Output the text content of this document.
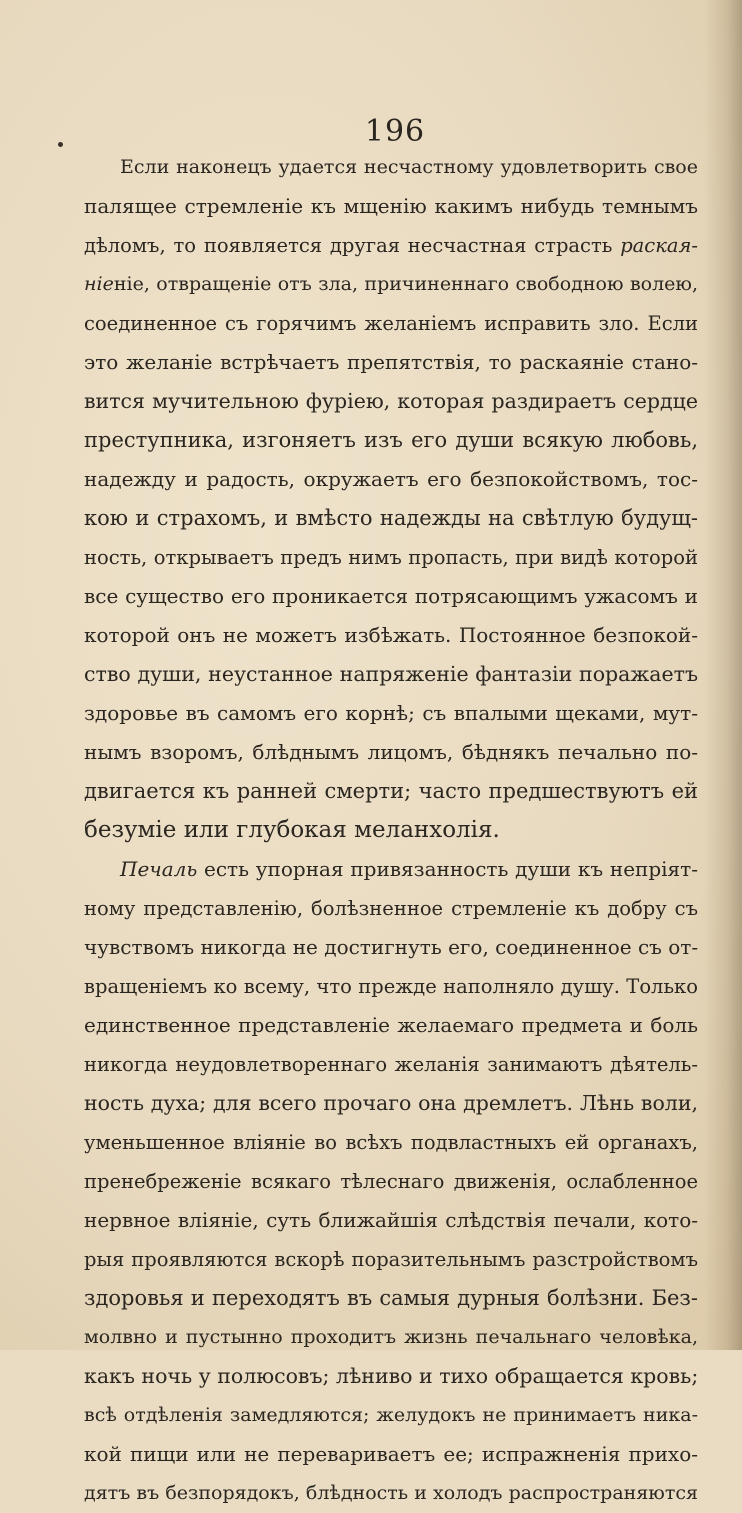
196
Если наконецъ удается несчастному удовлетворить свое
палящее стремленіе къ мщенію какимъ нибудь темнымъ
дѣломъ, то появляется другая несчастная страсть раская-
ніеніе, отвращеніе отъ зла, причиненнаго свободною волею,
соединенное съ горячимъ желаніемъ исправить зло. Если
это желаніе встрѣчаетъ препятствія, то раскаяніе стано-
вится мучительною фуріею, которая раздираетъ сердце
преступника, изгоняетъ изъ его души всякую любовь,
надежду и радость, окружаетъ его безпокойствомъ, тос-
кою и страхомъ, и вмѣсто надежды на свѣтлую будущ-
ность, открываетъ предъ нимъ пропасть, при видѣ которой
все существо его проникается потрясающимъ ужасомъ и
которой онъ не можетъ избѣжать. Постоянное безпокой-
ство души, неустанное напряженіе фантазіи поражаетъ
здоровье въ самомъ его корнѣ; съ впалыми щеками, мут-
нымъ взоромъ, блѣднымъ лицомъ, бѣднякъ печально по-
двигается къ ранней смерти; часто предшествуютъ ей
безуміе или глубокая меланхолія.
Печаль есть упорная привязанность души къ непріят-
ному представленію, болѣзненное стремленіе къ добру съ
чувствомъ никогда не достигнуть его, соединенное съ от-
вращеніемъ ко всему, что прежде наполняло душу. Только
единственное представленіе желаемаго предмета и боль
никогда неудовлетвореннаго желанія занимаютъ дѣятель-
ность духа; для всего прочаго она дремлетъ. Лѣнь воли,
уменьшенное вліяніе во всѣхъ подвластныхъ ей органахъ,
пренебреженіе всякаго тѣлеснаго движенія, ослабленное
нервное вліяніе, суть ближайшія слѣдствія печали, кото-
рыя проявляются вскорѣ поразительнымъ разстройствомъ
здоровья и переходятъ въ самыя дурныя болѣзни. Без-
молвно и пустынно проходитъ жизнь печальнаго человѣка,
какъ ночь у полюсовъ; лѣниво и тихо обращается кровь;
всѣ отдѣленія замедляются; желудокъ не принимаетъ ника-
кой пищи или не переваривaетъ ее; испражненія прихо-
дятъ въ безпорядокъ, блѣдность и холодъ распространяются
